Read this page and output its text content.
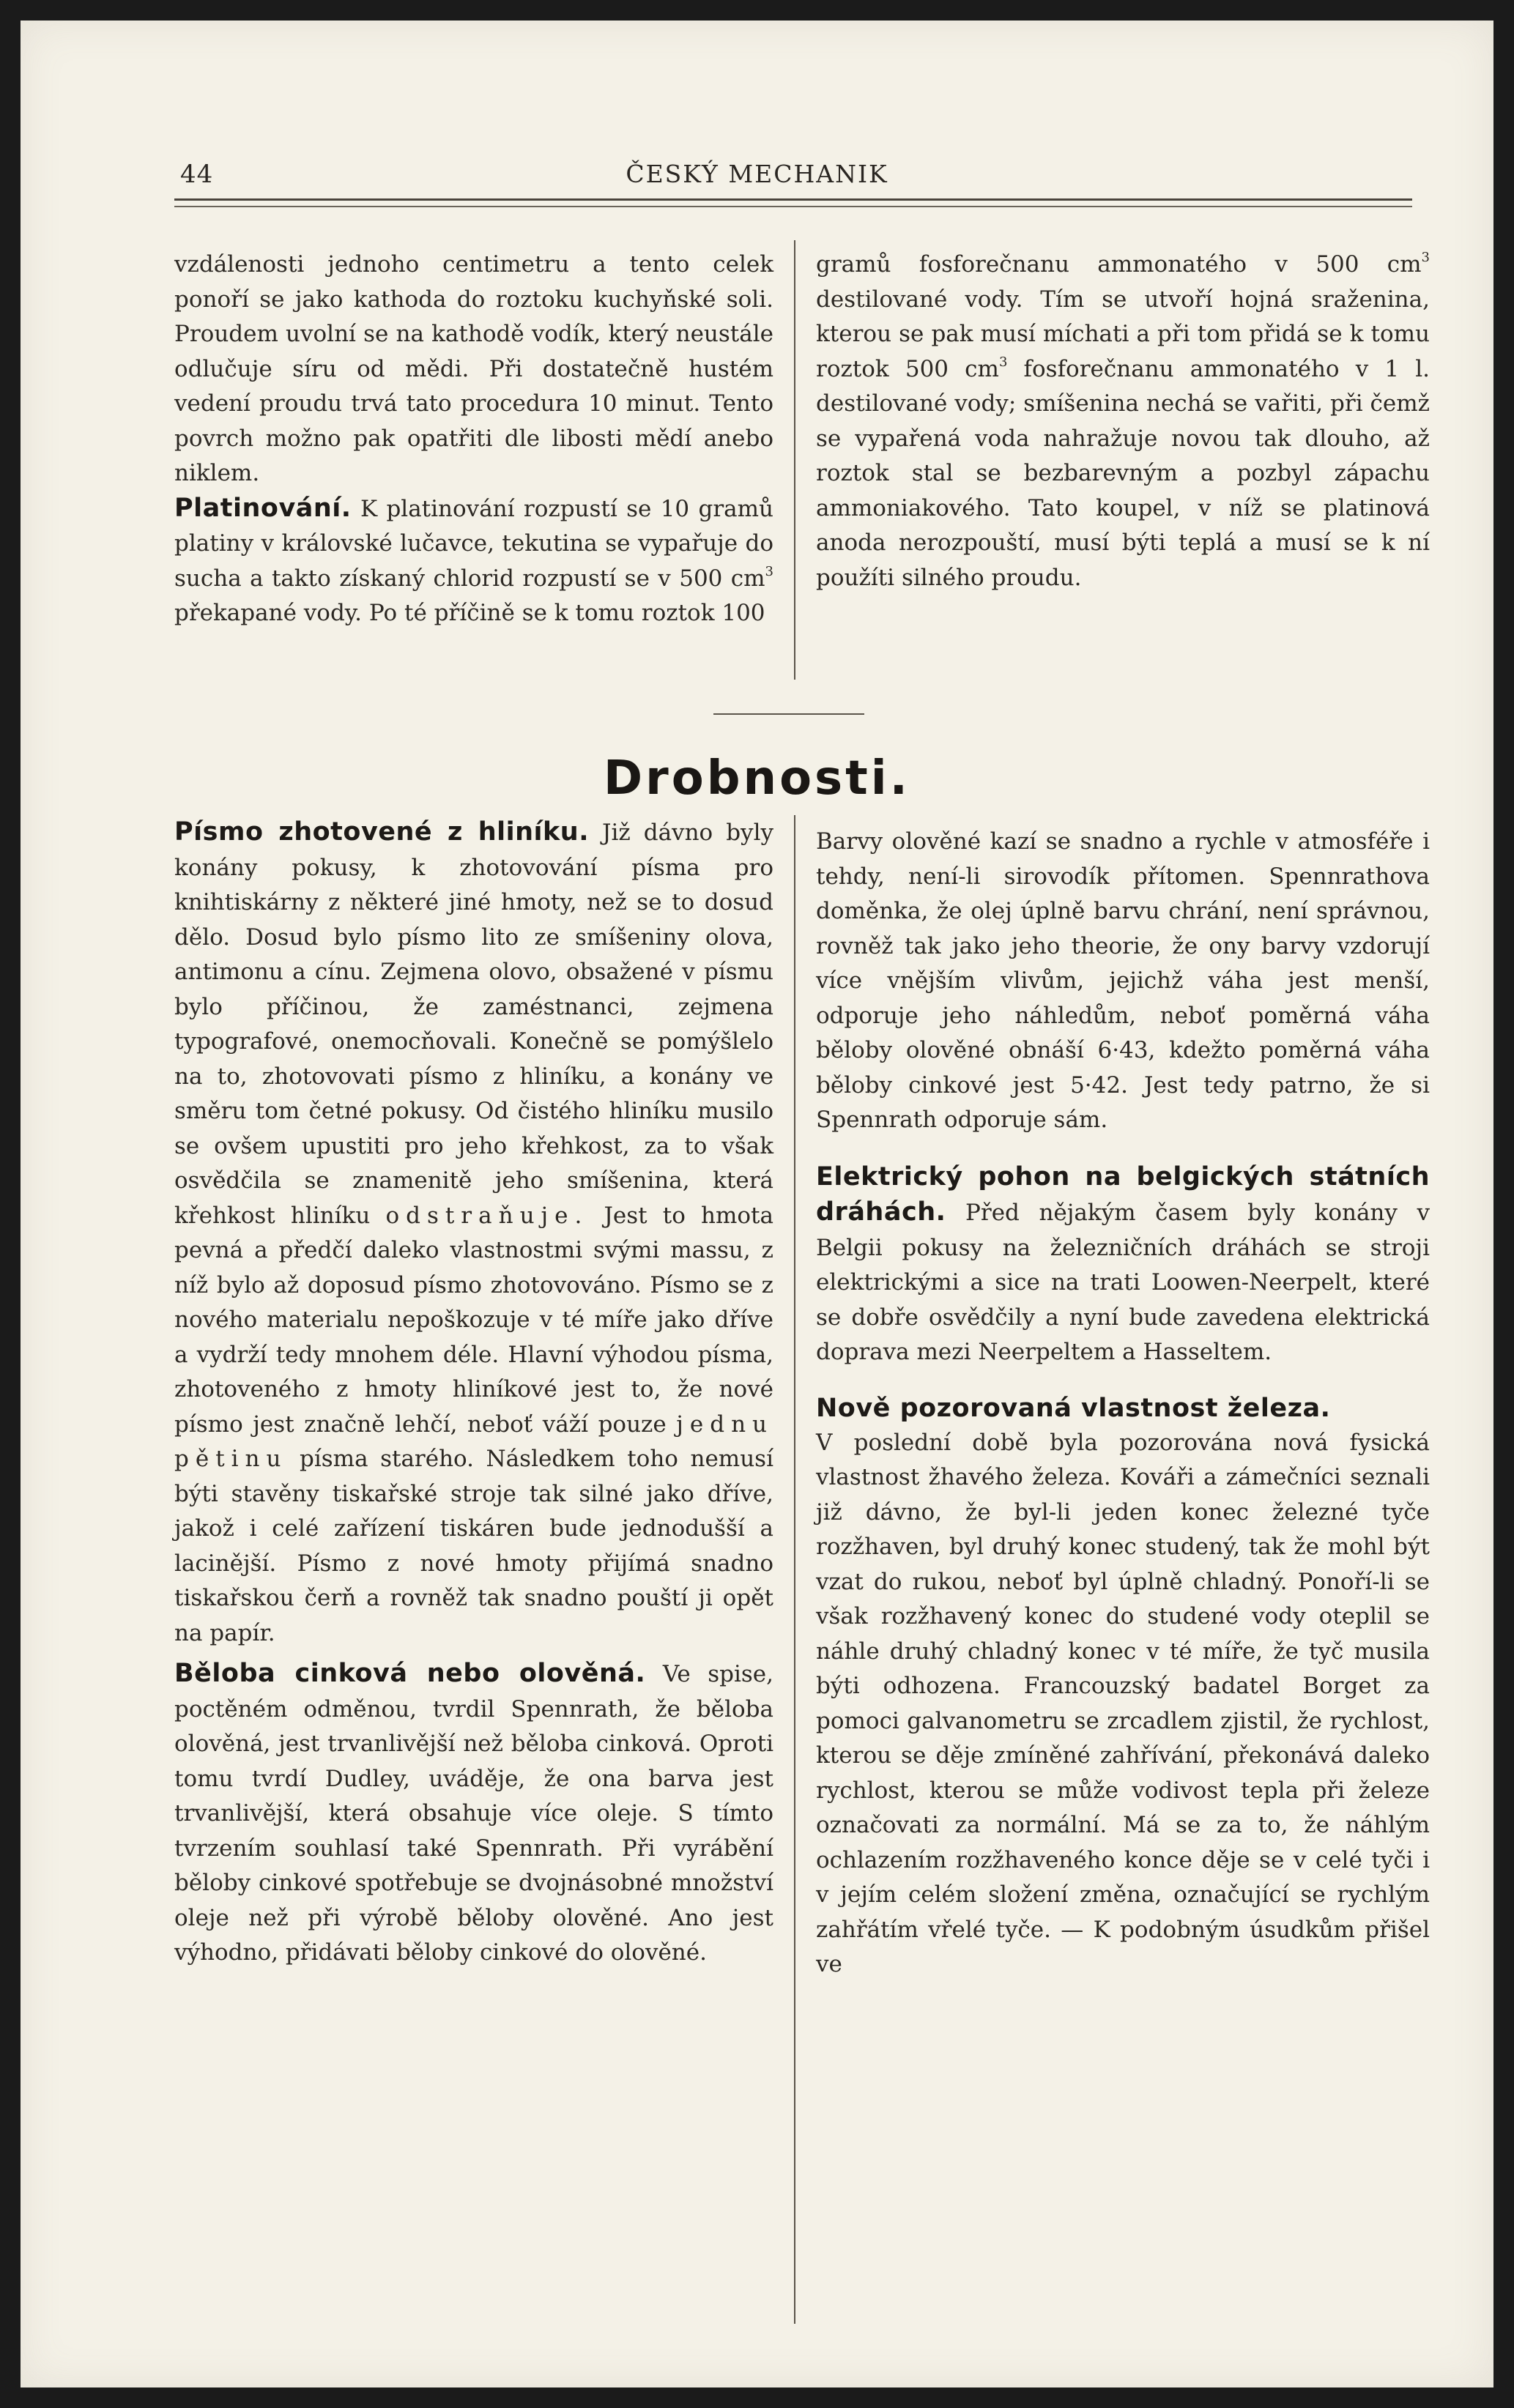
44	ČESKÝ MECHANIK

vzdálenosti jednoho centimetru a tento celek ponoří se jako kathoda do roztoku kuchyňské soli. Proudem uvolní se na kathodě vodík, který neustále odlučuje síru od mědi. Při dostatečně hustém vedení proudu trvá tato procedura 10 minut. Tento povrch možno pak opatřiti dle libosti mědí anebo niklem.

Platinování. K platinování rozpustí se 10 gramů platiny v královské lučavce, tekutina se vypařuje do sucha a takto získaný chlorid rozpustí se v 500 $cm^3$ překapané vody. Po té příčině se k tomu roztok 100

gramů fosforečnanu ammonatého v 500 $cm^3$ destilované vody. Tím se utvoří hojná sraženina, kterou se pak musí míchati a při tom přidá se k tomu roztok 500 $cm^3$ fosforečnanu ammonatého v 1 l. destilované vody; smíšenina nechá se vařiti, při čemž se vypařená voda nahražuje novou tak dlouho, až roztok stal se bezbarevným a pozbyl zápachu ammoniakového. Tato koupel, v níž se platinová anoda nerozpouští, musí býti teplá a musí se k ní použíti silného proudu.

Drobnosti.

Písmo zhotovené z hliníku. Již dávno byly konány pokusy, k zhotovování písma pro knihtiskárny z některé jiné hmoty, než se to dosud dělo. Dosud bylo písmo lito ze smíšeniny olova, antimonu a cínu. Zejmena olovo, obsažené v písmu bylo příčinou, že zaméstnanci, zejmena typografové, onemocňovali. Konečně se pomýšlelo na to, zhotovovati písmo z hliníku, a konány ve směru tom četné pokusy. Od čistého hliníku musilo se ovšem upustiti pro jeho křehkost, za to však osvědčila se znamenitě jeho smíšenina, která křehkost hliníku odstraňuje. Jest to hmota pevná a předčí daleko vlastnostmi svými massu, z níž bylo až doposud písmo zhotovováno. Písmo se z nového materialu nepoškozuje v té míře jako dříve a vydrží tedy mnohem déle. Hlavní výhodou písma, zhotoveného z hmoty hliníkové jest to, že nové písmo jest značně lehčí, neboť váží pouze jednu pětinu písma starého. Následkem toho nemusí býti stavěny tiskařské stroje tak silné jako dříve, jakož i celé zařízení tiskáren bude jednodušší a lacinější. Písmo z nové hmoty přijímá snadno tiskařskou čerň a rovněž tak snadno pouští ji opět na papír.

Běloba cinková nebo olověná. Ve spise, poctěném odměnou, tvrdil Spennrath, že běloba olověná, jest trvanlivější než běloba cinková. Oproti tomu tvrdí Dudley, uváděje, že ona barva jest trvanlivější, která obsahuje více oleje. S tímto tvrzením souhlasí také Spennrath. Při vyrábění běloby cinkové spotřebuje se dvojnásobné množství oleje než při výrobě běloby olověné. Ano jest výhodno, přidávati běloby cinkové do olověné.

Barvy olověné kazí se snadno a rychle v atmosféře i tehdy, není-li sirovodík přítomen. Spennrathova doměnka, že olej úplně barvu chrání, není správnou, rovněž tak jako jeho theorie, že ony barvy vzdorují více vnějším vlivům, jejichž váha jest menší, odporuje jeho náhledům, neboť poměrná váha běloby olověné obnáší 6·43, kdežto poměrná váha běloby cinkové jest 5·42. Jest tedy patrno, že si Spennrath odporuje sám.

Elektrický pohon na belgických státních dráhách. Před nějakým časem byly konány v Belgii pokusy na železničních dráhách se stroji elektrickými a sice na trati Loowen-Neerpelt, které se dobře osvědčily a nyní bude zavedena elektrická doprava mezi Neerpeltem a Hasseltem.

Nově pozorovaná vlastnost železa.
V poslední době byla pozorována nová fysická vlastnost žhavého železa. Kováři a zámečníci seznali již dávno, že byl-li jeden konec železné tyče rozžhaven, byl druhý konec studený, tak že mohl být vzat do rukou, neboť byl úplně chladný. Ponoří-li se však rozžhavený konec do studené vody oteplil se náhle druhý chladný konec v té míře, že tyč musila býti odhozena. Francouzský badatel Borget za pomoci galvanometru se zrcadlem zjistil, že rychlost, kterou se děje zmíněné zahřívání, překonává daleko rychlost, kterou se může vodivost tepla při železe označovati za normální. Má se za to, že náhlým ochlazením rozžhaveného konce děje se v celé tyči i v jejím celém složení změna, označující se rychlým zahřátím vřelé tyče. — K podobným úsudkům přišel ve
